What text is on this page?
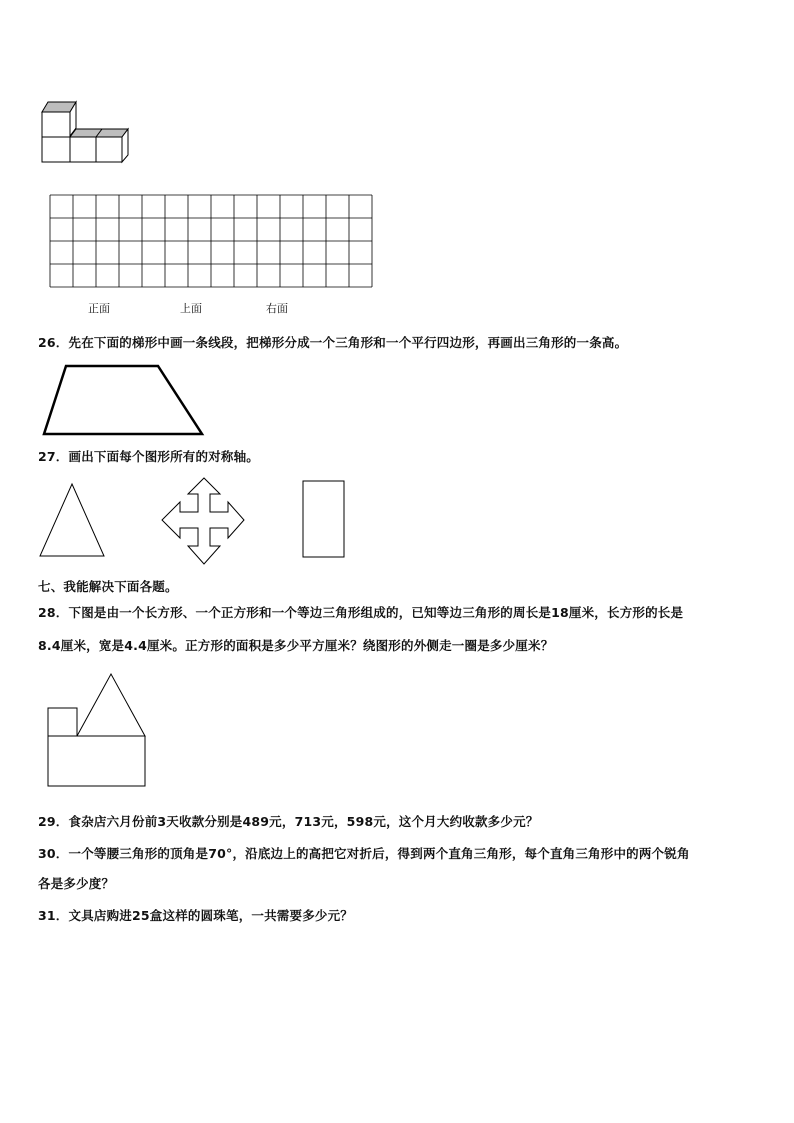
正面	上面	右面
26．先在下面的梯形中画一条线段，把梯形分成一个三角形和一个平行四边形，再画出三角形的一条高。
27．画出下面每个图形所有的对称轴。
七、我能解决下面各题。
28．下图是由一个长方形、一个正方形和一个等边三角形组成的，已知等边三角形的周长是18厘米，长方形的长是
8.4厘米，宽是4.4厘米。正方形的面积是多少平方厘米？绕图形的外侧走一圈是多少厘米？
29．食杂店六月份前3天收款分别是489元，713元，598元，这个月大约收款多少元？
30．一个等腰三角形的顶角是70°，沿底边上的高把它对折后，得到两个直角三角形，每个直角三角形中的两个锐角
各是多少度？
31．文具店购进25盒这样的圆珠笔，一共需要多少元？
